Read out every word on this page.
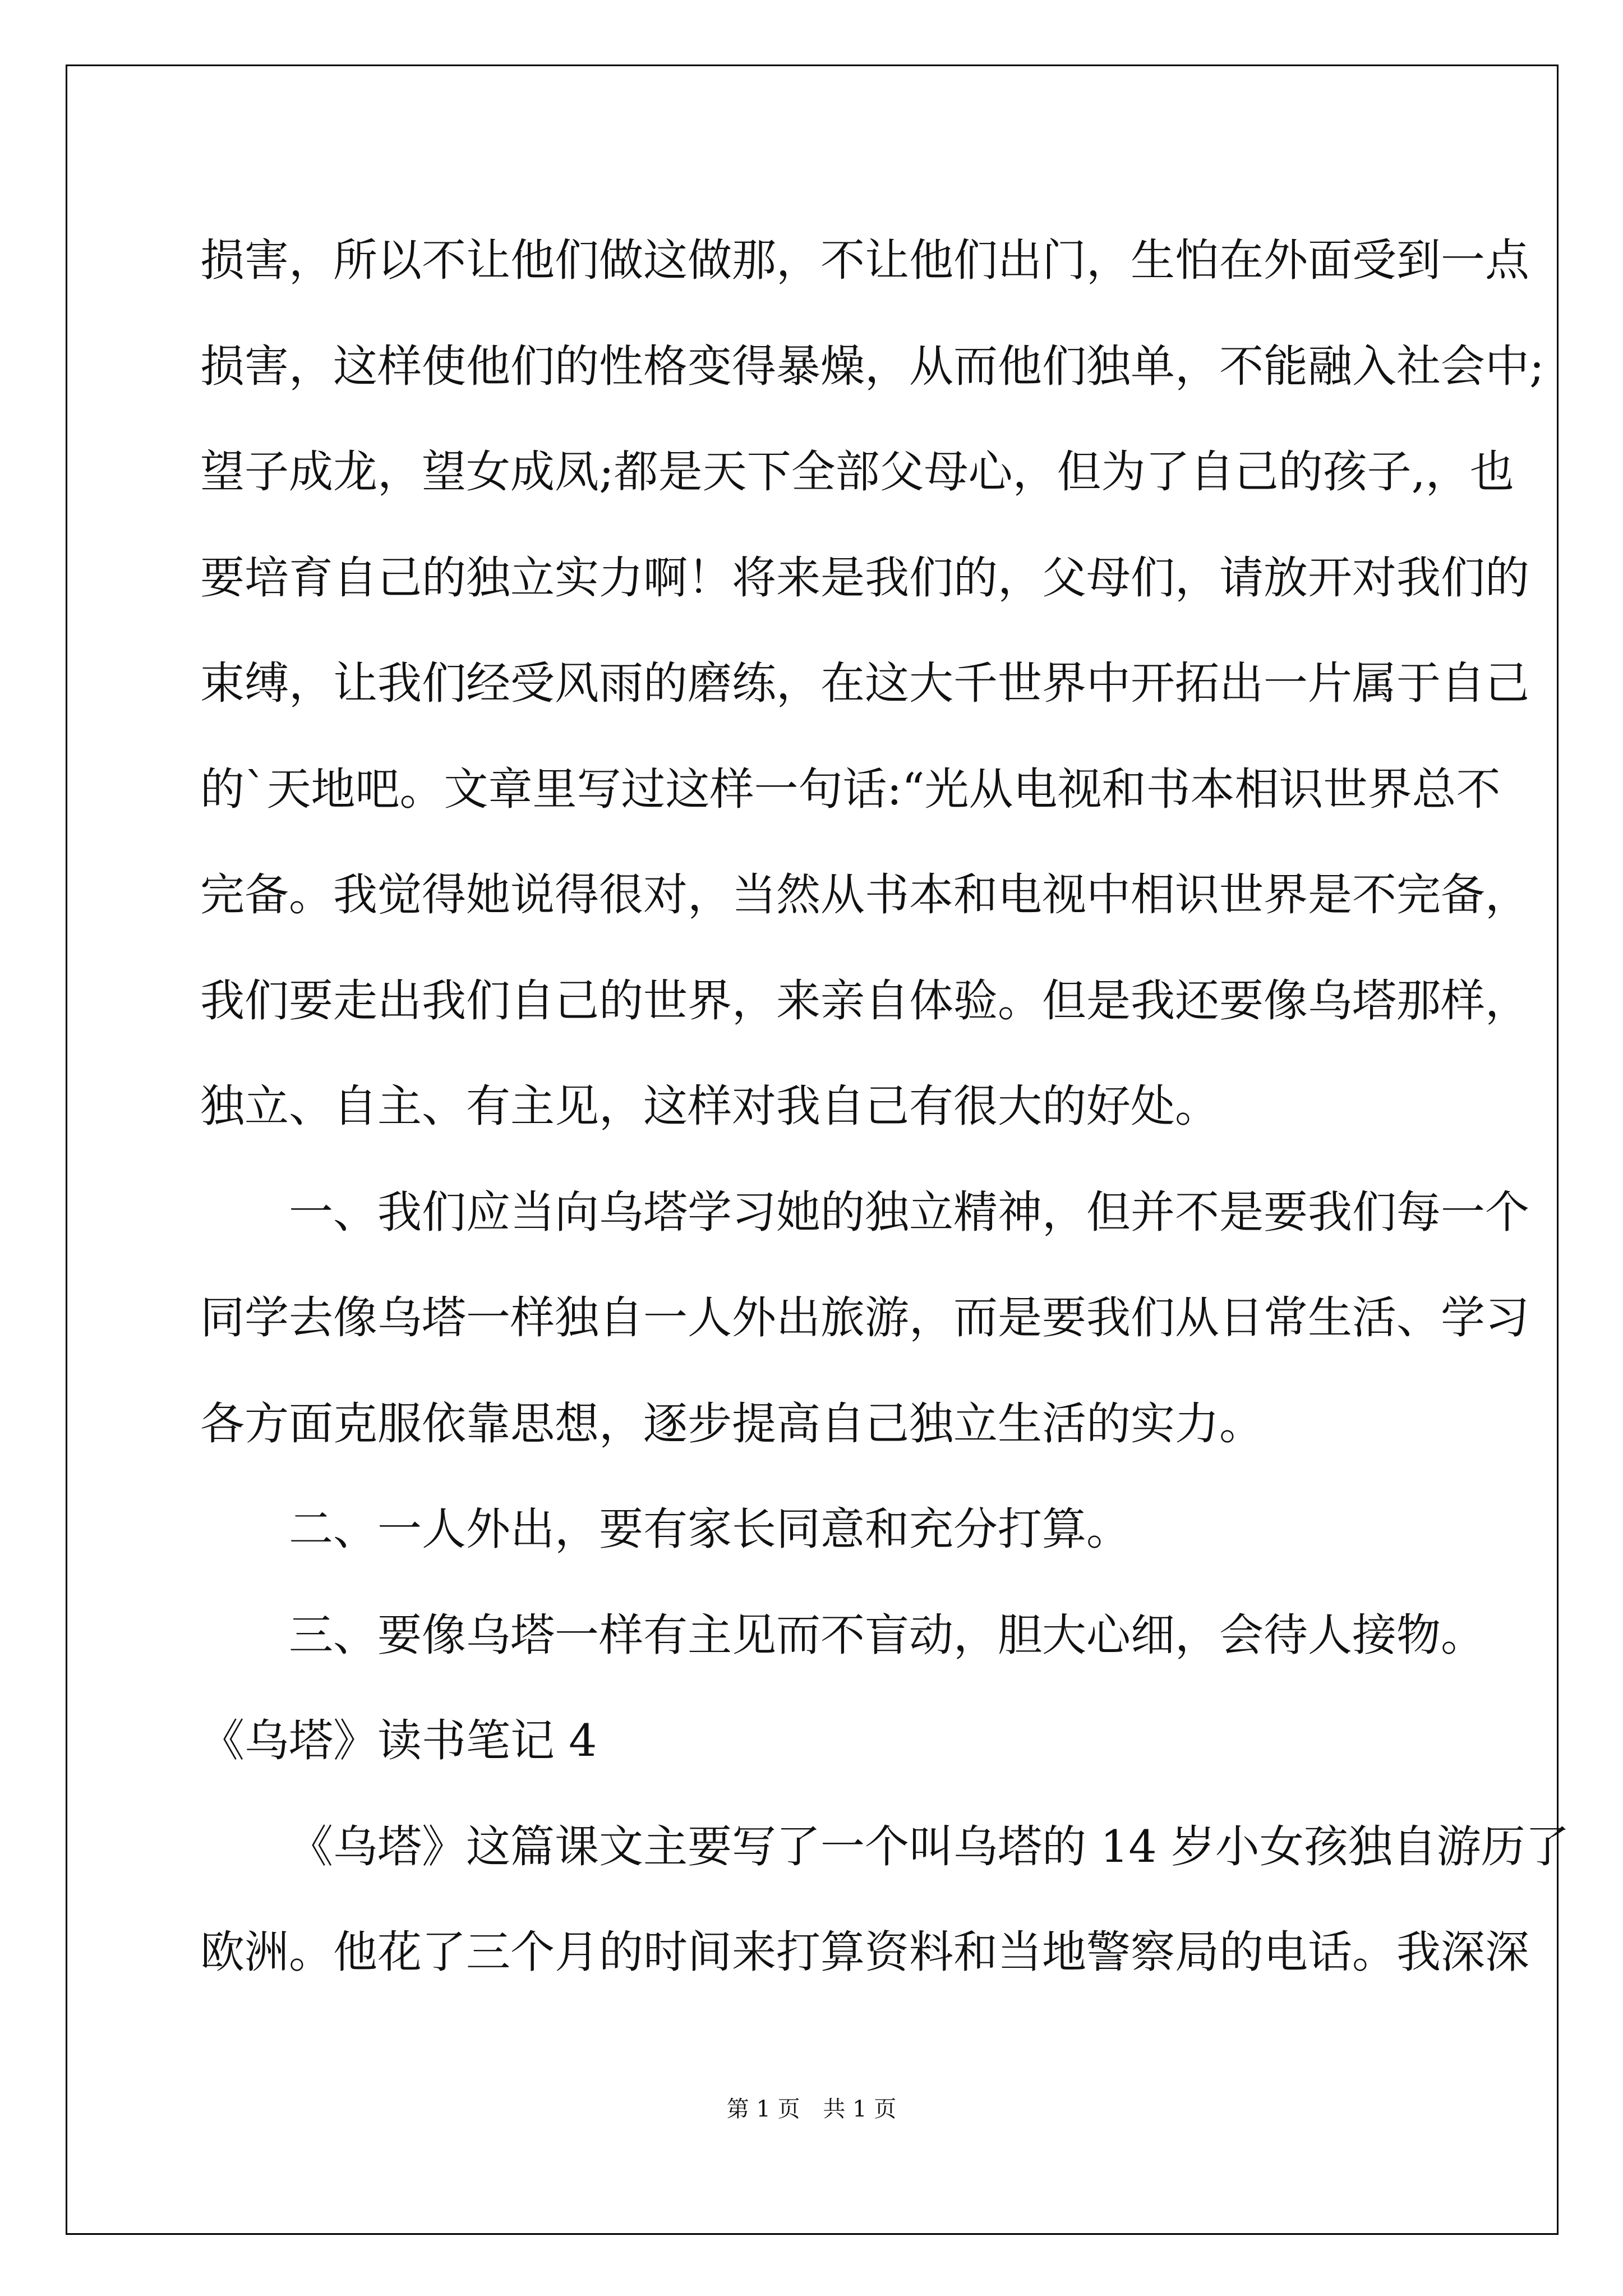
损害，所以不让他们做这做那，不让他们出门，生怕在外面受到一点
损害，这样使他们的性格变得暴燥，从而他们独单，不能融入社会中;
望子成龙，望女成凤;都是天下全部父母心，但为了自己的孩子,，也
要培育自己的独立实力啊！将来是我们的，父母们，请放开对我们的
束缚，让我们经受风雨的磨练，在这大千世界中开拓出一片属于自己
的`天地吧。文章里写过这样一句话:“光从电视和书本相识世界总不
完备。我觉得她说得很对，当然从书本和电视中相识世界是不完备，
我们要走出我们自己的世界，来亲自体验。但是我还要像乌塔那样，
独立、自主、有主见，这样对我自己有很大的好处。
一、我们应当向乌塔学习她的独立精神，但并不是要我们每一个
同学去像乌塔一样独自一人外出旅游，而是要我们从日常生活、学习
各方面克服依靠思想，逐步提高自己独立生活的实力。
二、一人外出，要有家长同意和充分打算。
三、要像乌塔一样有主见而不盲动，胆大心细，会待人接物。
《乌塔》读书笔记 4
《乌塔》这篇课文主要写了一个叫乌塔的 14 岁小女孩独自游历了
欧洲。他花了三个月的时间来打算资料和当地警察局的电话。我深深
第 1 页 共 1 页
